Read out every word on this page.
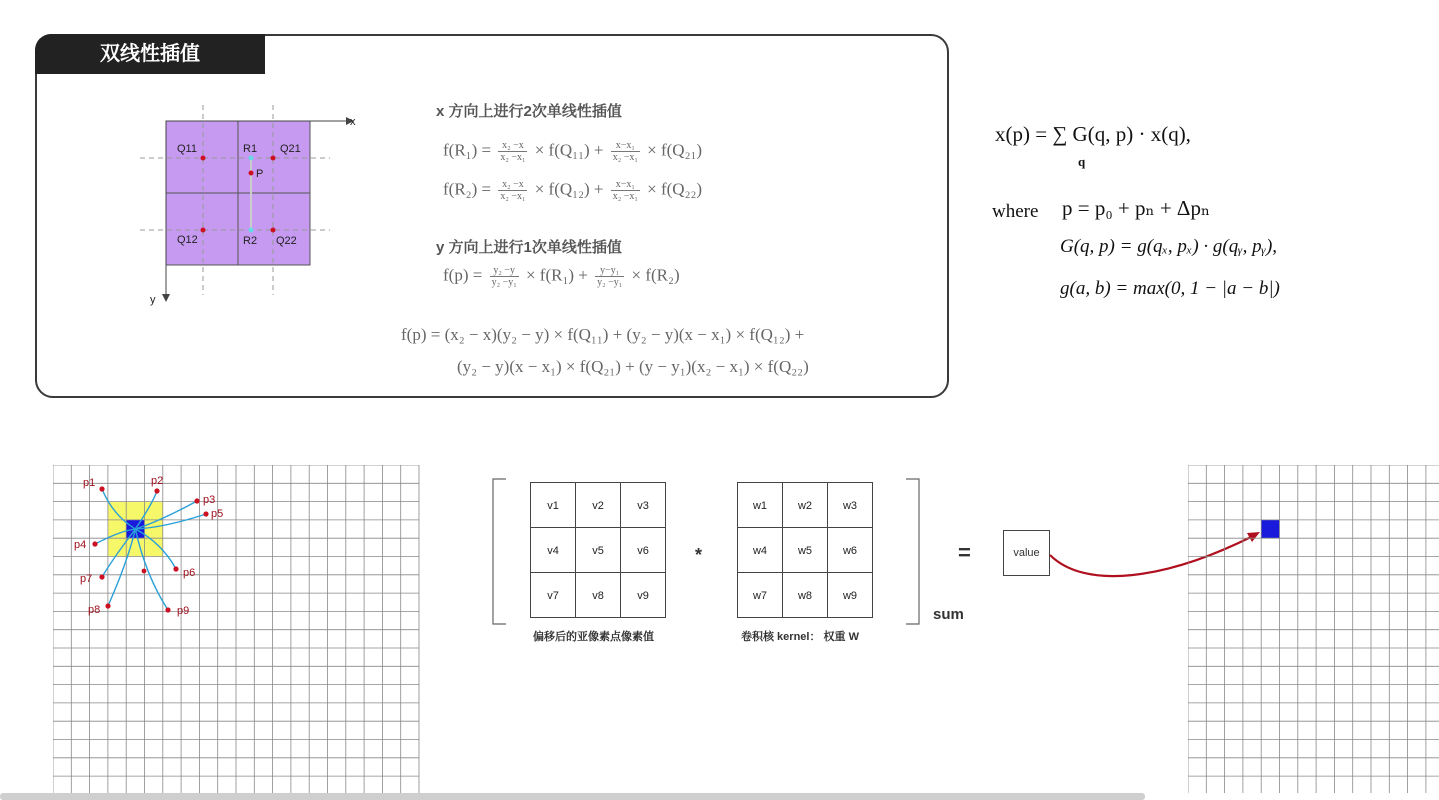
双线性插值
Q11	R1 Q21
P
Q12	R2 Q22
x
y
x 方向上进行2次单线性插值
$f(R_1) = \frac{\text{x₂ −x}}{\text{x₂ −x₁}} \times f(Q_{11}) + \frac{\text{x−x₁}}{\text{x₂ −x₁}} \times f(Q_{21})$
$f(R_2) = \frac{\text{x₂ −x}}{\text{x₂ −x₁}} \times f(Q_{12}) + \frac{\text{x−x₁}}{\text{x₂ −x₁}} \times f(Q_{22})$
y 方向上进行1次单线性插值
$f(p) = \frac{\text{y₂ −y}}{\text{y₂ −y₁}} \times f(R_1) + \frac{\text{y−y₁}}{\text{y₂ −y₁}} \times f(R_2)$
f(p) = (x₂ − x)(y₂ − y) × f(Q₁₁) + (y₂ − y)(x − x₁) × f(Q₁₂) +
(y₂ − y)(x − x₁) × f(Q₂₁) + (y − y₁)(x₂ − x₁) × f(Q₂₂)
x(p) = ∑ G(q, p) · x(q),
q
where p = p₀ + pₙ + Δpₙ
G(q, p) = g(qₓ, pₓ) · g(qᵧ, pᵧ),
g(a, b) = max(0, 1 − |a − b|)
p1	p2
p3
p4
p5
p6
p7
p8	p9
v1	v2	v3
v4	v5	v6
v7	v8	v9
偏移后的亚像素点像素值
*
w1	w2	w3
w4	w5	w6
w7	w8	w9
卷积核 kernel： 权重 W
sum
=	value
